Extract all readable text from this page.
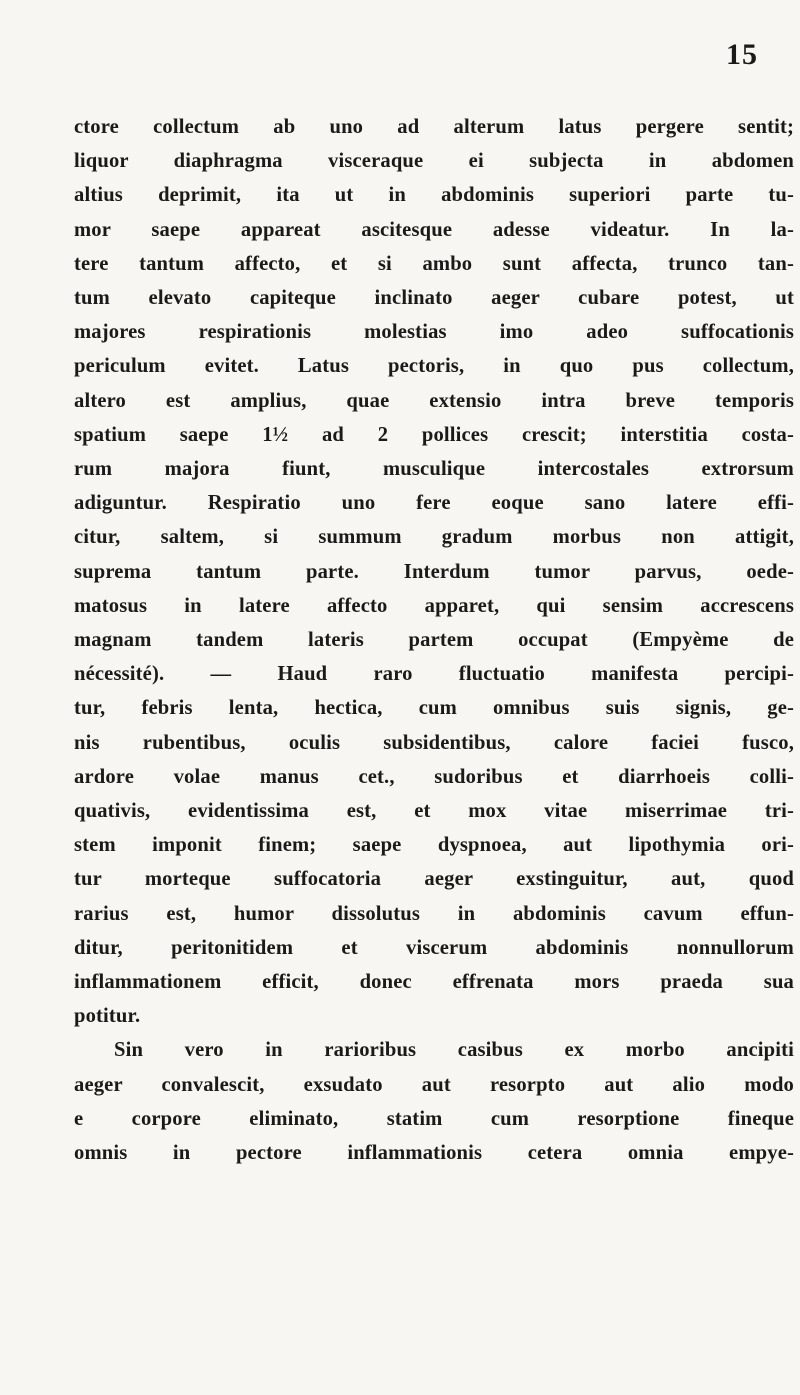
15
ctore collectum ab uno ad alterum latus pergere sentit;
liquor diaphragma visceraque ei subjecta in abdomen
altius deprimit, ita ut in abdominis superiori parte tu-
mor saepe appareat ascitesque adesse videatur. In la-
tere tantum affecto, et si ambo sunt affecta, trunco tan-
tum elevato capiteque inclinato aeger cubare potest, ut
majores respirationis molestias imo adeo suffocationis
periculum evitet. Latus pectoris, in quo pus collectum,
altero est amplius, quae extensio intra breve temporis
spatium saepe 1½ ad 2 pollices crescit; interstitia costa-
rum majora fiunt, musculique intercostales extrorsum
adiguntur. Respiratio uno fere eoque sano latere effi-
citur, saltem, si summum gradum morbus non attigit,
suprema tantum parte. Interdum tumor parvus, oede-
matosus in latere affecto apparet, qui sensim accrescens
magnam tandem lateris partem occupat (Empyème de
nécessité). — Haud raro fluctuatio manifesta percipi-
tur, febris lenta, hectica, cum omnibus suis signis, ge-
nis rubentibus, oculis subsidentibus, calore faciei fusco,
ardore volae manus cet., sudoribus et diarrhoeis colli-
quativis, evidentissima est, et mox vitae miserrimae tri-
stem imponit finem; saepe dyspnoea, aut lipothymia ori-
tur morteque suffocatoria aeger exstinguitur, aut, quod
rarius est, humor dissolutus in abdominis cavum effun-
ditur, peritonitidem et viscerum abdominis nonnullorum
inflammationem efficit, donec effrenata mors praeda sua
potitur.
Sin vero in rarioribus casibus ex morbo ancipiti
aeger convalescit, exsudato aut resorpto aut alio modo
e corpore eliminato, statim cum resorptione finеque
omnis in pectore inflammationis cetera omnia empye-
